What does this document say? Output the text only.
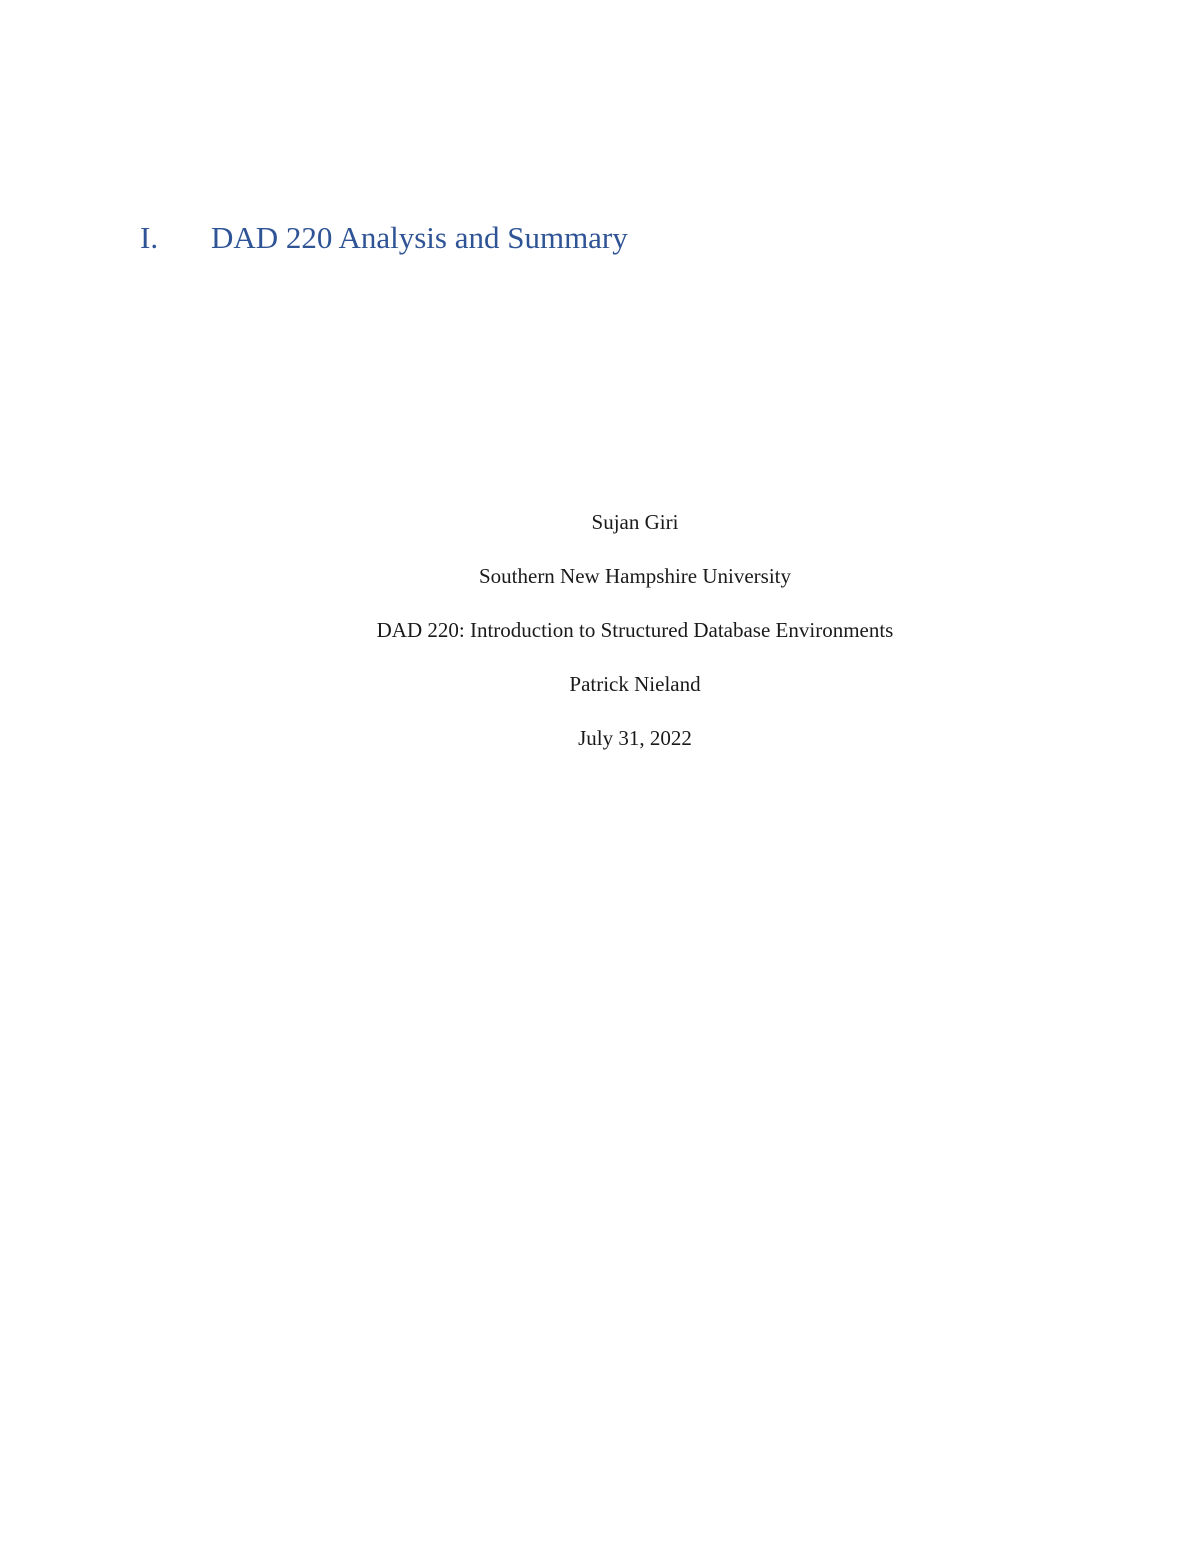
I. DAD 220 Analysis and Summary
Sujan Giri
Southern New Hampshire University
DAD 220: Introduction to Structured Database Environments
Patrick Nieland
July 31, 2022
